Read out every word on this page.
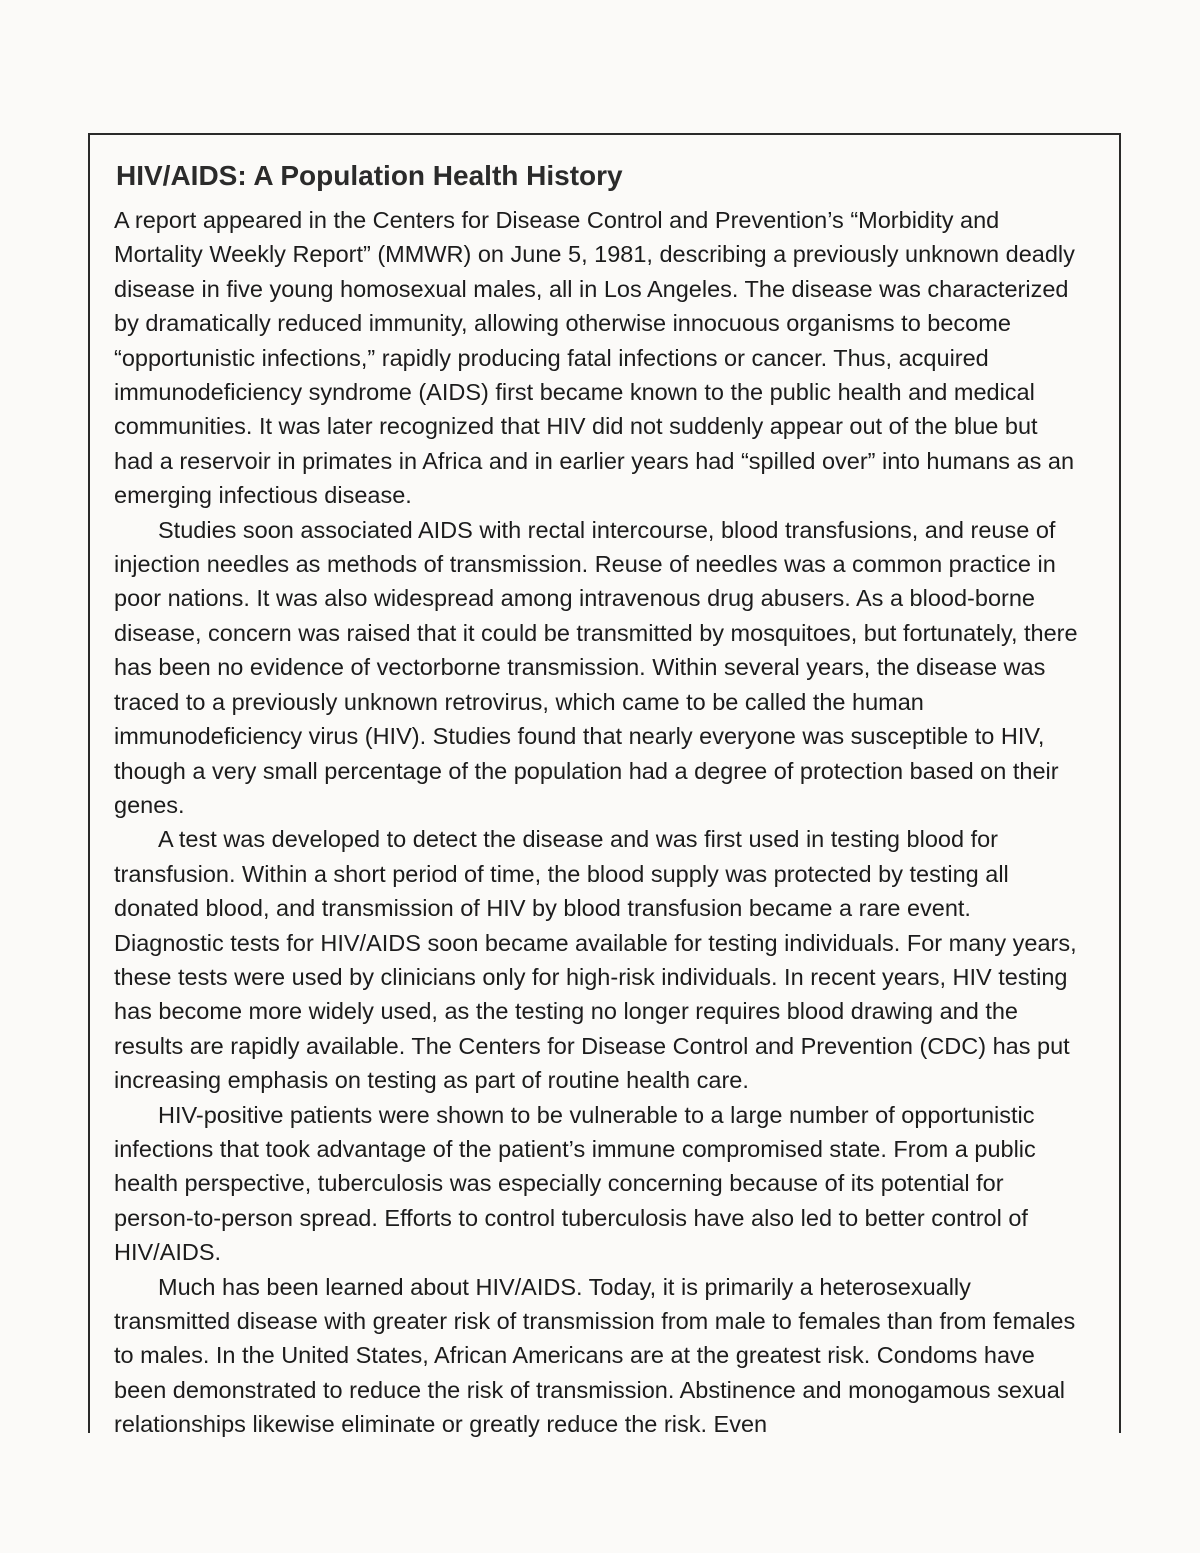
HIV/AIDS: A Population Health History

A report appeared in the Centers for Disease Control and Prevention’s “Morbidity and Mortality Weekly Report” (MMWR) on June 5, 1981, describing a previously unknown deadly disease in five young homosexual males, all in Los Angeles. The disease was characterized by dramatically reduced immunity, allowing otherwise innocuous organisms to become “opportunistic infections,” rapidly producing fatal infections or cancer. Thus, acquired immunodeficiency syndrome (AIDS) first became known to the public health and medical communities. It was later recognized that HIV did not suddenly appear out of the blue but had a reservoir in primates in Africa and in earlier years had “spilled over” into humans as an emerging infectious disease.

Studies soon associated AIDS with rectal intercourse, blood transfusions, and reuse of injection needles as methods of transmission. Reuse of needles was a common practice in poor nations. It was also widespread among intravenous drug abusers. As a blood-borne disease, concern was raised that it could be transmitted by mosquitoes, but fortunately, there has been no evidence of vectorborne transmission. Within several years, the disease was traced to a previously unknown retrovirus, which came to be called the human immunodeficiency virus (HIV). Studies found that nearly everyone was susceptible to HIV, though a very small percentage of the population had a degree of protection based on their genes.

A test was developed to detect the disease and was first used in testing blood for transfusion. Within a short period of time, the blood supply was protected by testing all donated blood, and transmission of HIV by blood transfusion became a rare event. Diagnostic tests for HIV/AIDS soon became available for testing individuals. For many years, these tests were used by clinicians only for high-risk individuals. In recent years, HIV testing has become more widely used, as the testing no longer requires blood drawing and the results are rapidly available. The Centers for Disease Control and Prevention (CDC) has put increasing emphasis on testing as part of routine health care.

HIV-positive patients were shown to be vulnerable to a large number of opportunistic infections that took advantage of the patient’s immune compromised state. From a public health perspective, tuberculosis was especially concerning because of its potential for person-to-person spread. Efforts to control tuberculosis have also led to better control of HIV/AIDS.

Much has been learned about HIV/AIDS. Today, it is primarily a heterosexually transmitted disease with greater risk of transmission from male to females than from females to males. In the United States, African Americans are at the greatest risk. Condoms have been demonstrated to reduce the risk of transmission. Abstinence and monogamous sexual relationships likewise eliminate or greatly reduce the risk. Even
